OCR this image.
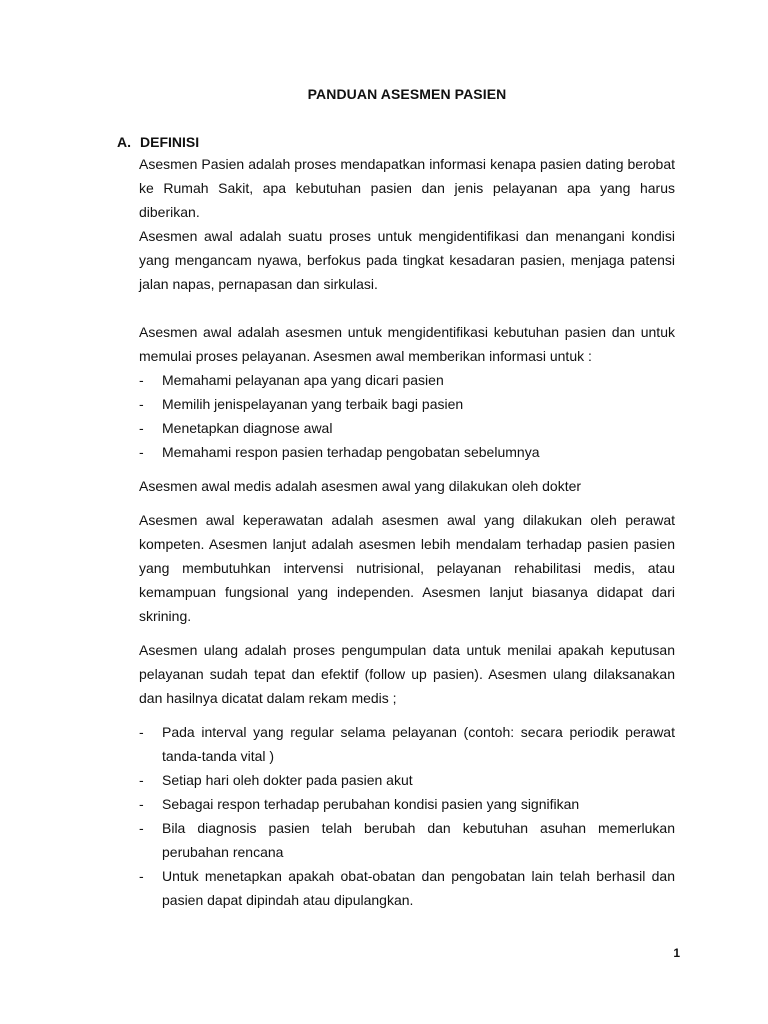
PANDUAN ASESMEN PASIEN
A. DEFINISI

Asesmen Pasien adalah proses mendapatkan informasi kenapa pasien dating berobat ke Rumah Sakit, apa kebutuhan pasien dan jenis pelayanan apa yang harus diberikan.

Asesmen awal adalah suatu proses untuk mengidentifikasi dan menangani kondisi yang mengancam nyawa, berfokus pada tingkat kesadaran pasien, menjaga patensi jalan napas, pernapasan dan sirkulasi.

Asesmen awal adalah asesmen untuk mengidentifikasi kebutuhan pasien dan untuk memulai proses pelayanan. Asesmen awal memberikan informasi untuk :

- Memahami pelayanan apa yang dicari pasien
- Memilih jenispelayanan yang terbaik bagi pasien
- Menetapkan diagnose awal
- Memahami respon pasien terhadap pengobatan sebelumnya

Asesmen awal medis adalah asesmen awal yang dilakukan oleh dokter

Asesmen awal keperawatan adalah asesmen awal yang dilakukan oleh perawat kompeten. Asesmen lanjut adalah asesmen lebih mendalam terhadap pasien pasien yang membutuhkan intervensi nutrisional, pelayanan rehabilitasi medis, atau kemampuan fungsional yang independen. Asesmen lanjut biasanya didapat dari skrining.

Asesmen ulang adalah proses pengumpulan data untuk menilai apakah keputusan pelayanan sudah tepat dan efektif (follow up pasien). Asesmen ulang dilaksanakan dan hasilnya dicatat dalam rekam medis ;

- Pada interval yang regular selama pelayanan (contoh: secara periodik perawat tanda-tanda vital )
- Setiap hari oleh dokter pada pasien akut
- Sebagai respon terhadap perubahan kondisi pasien yang signifikan
- Bila diagnosis pasien telah berubah dan kebutuhan asuhan memerlukan perubahan rencana
- Untuk menetapkan apakah obat-obatan dan pengobatan lain telah berhasil dan pasien dapat dipindah atau dipulangkan.
1
